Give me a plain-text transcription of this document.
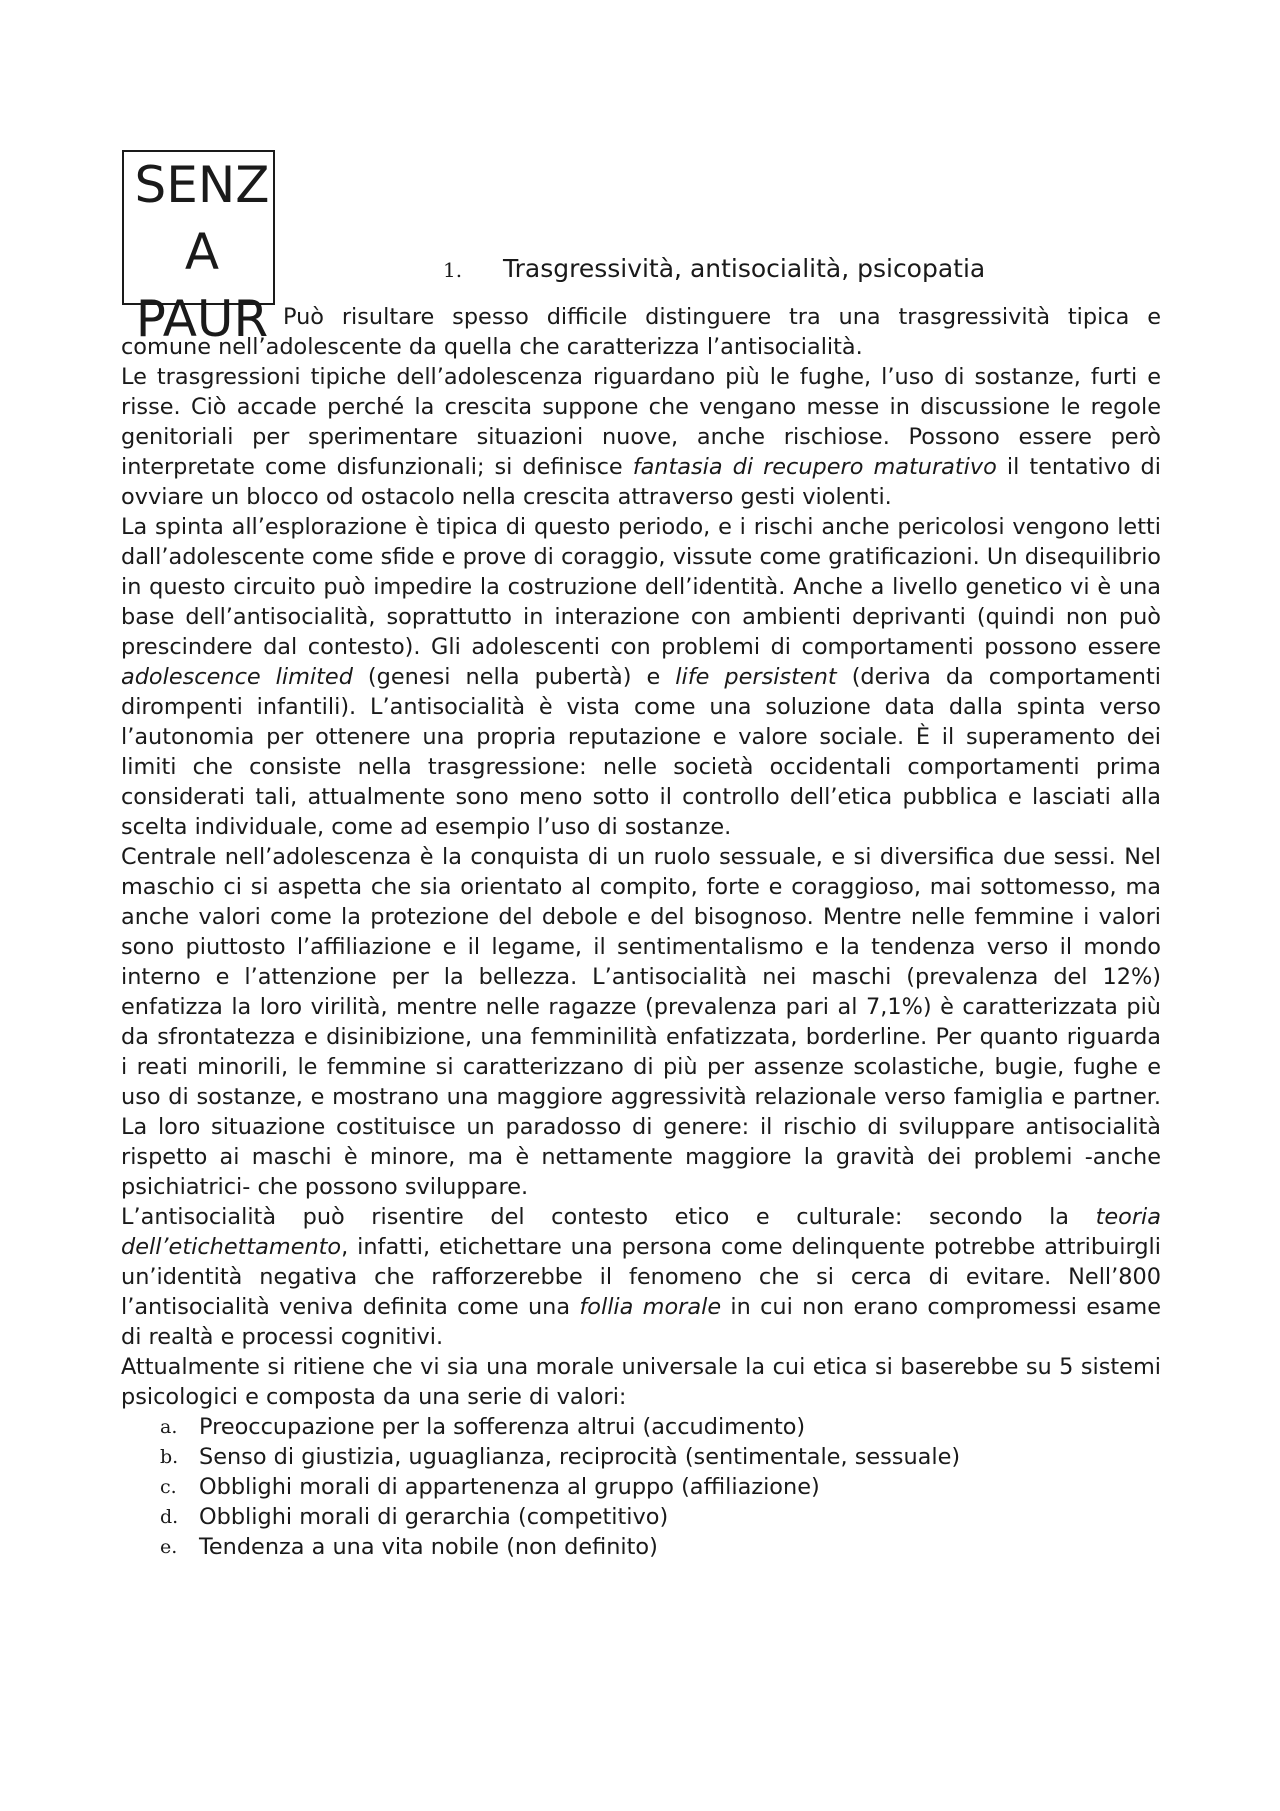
SENZ
A
PAUR
1. Trasgressività, antisocialità, psicopatia

Può risultare spesso difficile distinguere tra una trasgressività tipica e comune nell’adolescente da quella che caratterizza l’antisocialità.

Le trasgressioni tipiche dell’adolescenza riguardano più le fughe, l’uso di sostanze, furti e risse. Ciò accade perché la crescita suppone che vengano messe in discussione le regole genitoriali per sperimentare situazioni nuove, anche rischiose. Possono essere però interpretate come disfunzionali; si definisce fantasia di recupero maturativo il tentativo di ovviare un blocco od ostacolo nella crescita attraverso gesti violenti.

La spinta all’esplorazione è tipica di questo periodo, e i rischi anche pericolosi vengono letti dall’adolescente come sfide e prove di coraggio, vissute come gratificazioni. Un disequilibrio in questo circuito può impedire la costruzione dell’identità. Anche a livello genetico vi è una base dell’antisocialità, soprattutto in interazione con ambienti deprivanti (quindi non può prescindere dal contesto). Gli adolescenti con problemi di comportamenti possono essere adolescence limited (genesi nella pubertà) e life persistent (deriva da comportamenti dirompenti infantili). L’antisocialità è vista come una soluzione data dalla spinta verso l’autonomia per ottenere una propria reputazione e valore sociale. È il superamento dei limiti che consiste nella trasgressione: nelle società occidentali comportamenti prima considerati tali, attualmente sono meno sotto il controllo dell’etica pubblica e lasciati alla scelta individuale, come ad esempio l’uso di sostanze.

Centrale nell’adolescenza è la conquista di un ruolo sessuale, e si diversifica due sessi. Nel maschio ci si aspetta che sia orientato al compito, forte e coraggioso, mai sottomesso, ma anche valori come la protezione del debole e del bisognoso. Mentre nelle femmine i valori sono piuttosto l’affiliazione e il legame, il sentimentalismo e la tendenza verso il mondo interno e l’attenzione per la bellezza. L’antisocialità nei maschi (prevalenza del 12%) enfatizza la loro virilità, mentre nelle ragazze (prevalenza pari al 7,1%) è caratterizzata più da sfrontatezza e disinibizione, una femminilità enfatizzata, borderline. Per quanto riguarda i reati minorili, le femmine si caratterizzano di più per assenze scolastiche, bugie, fughe e uso di sostanze, e mostrano una maggiore aggressività relazionale verso famiglia e partner. La loro situazione costituisce un paradosso di genere: il rischio di sviluppare antisocialità rispetto ai maschi è minore, ma è nettamente maggiore la gravità dei problemi -anche psichiatrici- che possono sviluppare.

L’antisocialità può risentire del contesto etico e culturale: secondo la teoria dell’etichettamento, infatti, etichettare una persona come delinquente potrebbe attribuirgli un’identità negativa che rafforzerebbe il fenomeno che si cerca di evitare. Nell’800 l’antisocialità veniva definita come una follia morale in cui non erano compromessi esame di realtà e processi cognitivi.

Attualmente si ritiene che vi sia una morale universale la cui etica si baserebbe su 5 sistemi psicologici e composta da una serie di valori:

a. Preoccupazione per la sofferenza altrui (accudimento)
b. Senso di giustizia, uguaglianza, reciprocità (sentimentale, sessuale)
c. Obblighi morali di appartenenza al gruppo (affiliazione)
d. Obblighi morali di gerarchia (competitivo)
e. Tendenza a una vita nobile (non definito)
